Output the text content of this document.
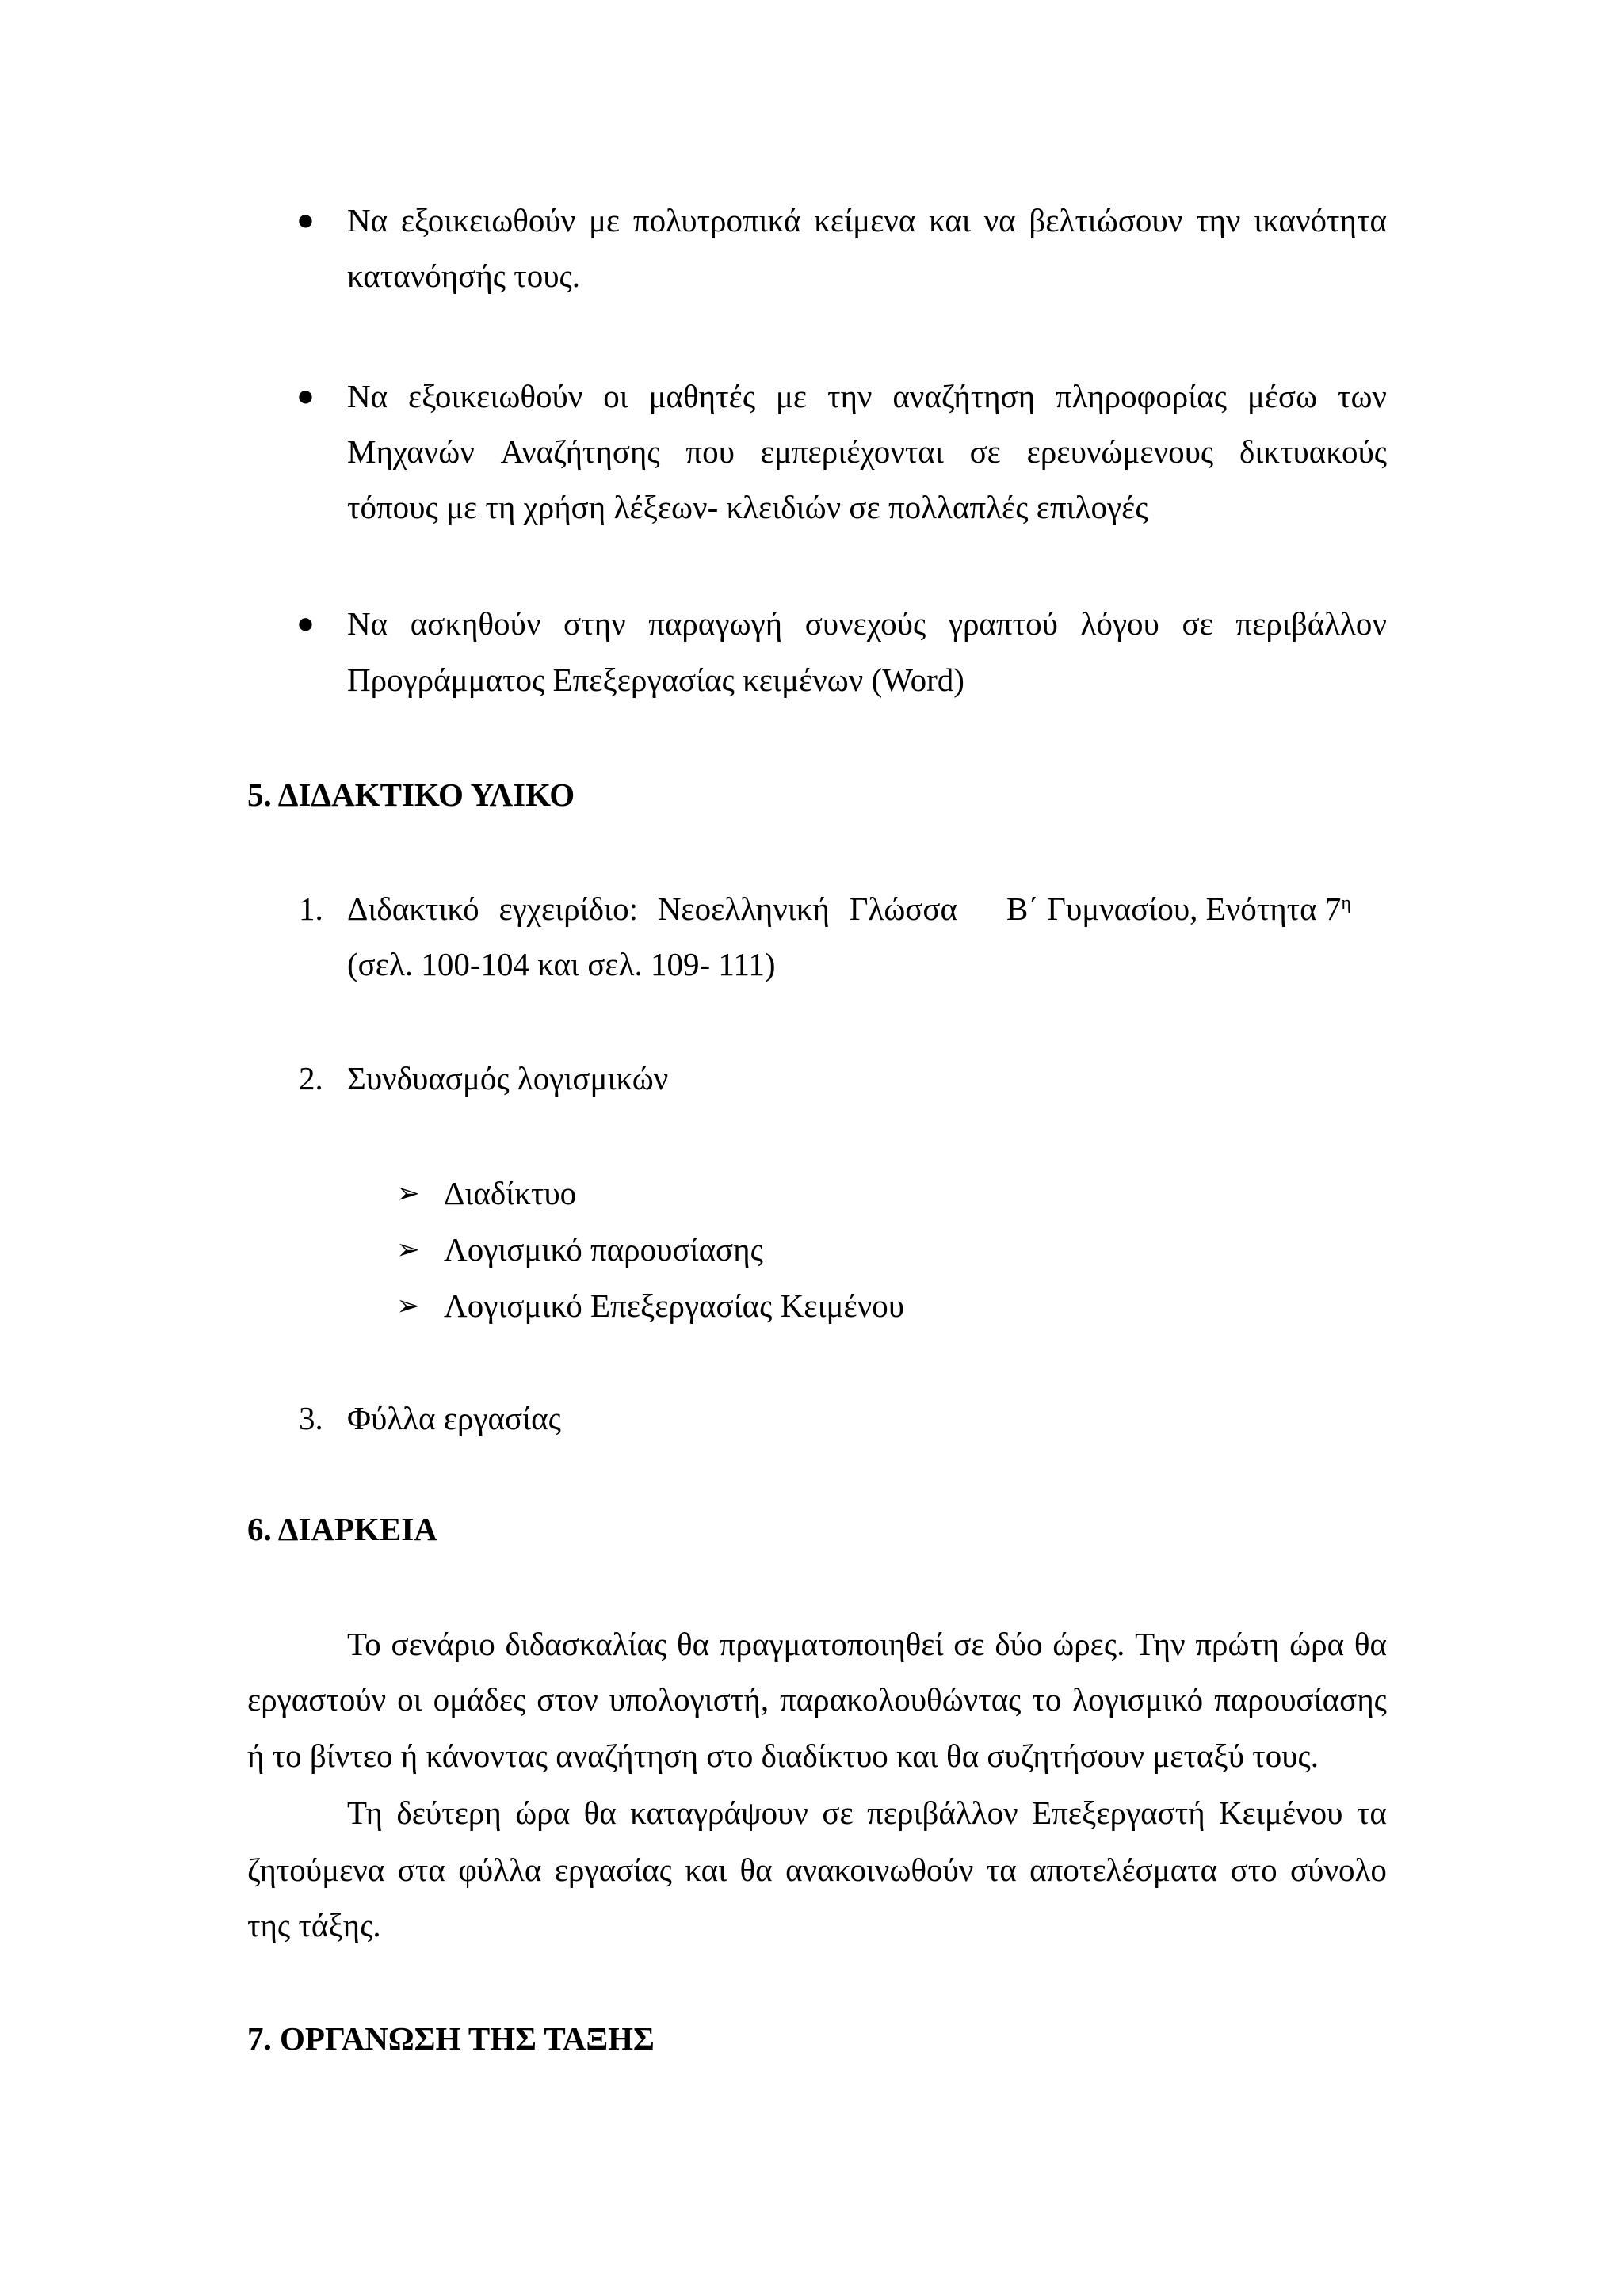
● Να εξοικειωθούν με πολυτροπικά κείμενα και να βελτιώσουν την ικανότητα
κατανόησής τους.
● Να εξοικειωθούν οι μαθητές με την αναζήτηση πληροφορίας μέσω των
Μηχανών Αναζήτησης που εμπεριέχονται σε ερευνώμενους δικτυακούς
τόπους με τη χρήση λέξεων- κλειδιών σε πολλαπλές επιλογές
● Να ασκηθούν στην παραγωγή συνεχούς γραπτού λόγου σε περιβάλλον
Προγράμματος Επεξεργασίας κειμένων (Word)
5. ΔΙΔΑΚΤΙΚΟ ΥΛΙΚΟ
1. Διδακτικό εγχειρίδιο: Νεοελληνική Γλώσσα Β΄ Γυμνασίου, Ενότητα $7^\eta$
(σελ. 100-104 και σελ. 109- 111)
2. Συνδυασμός λογισμικών
➢ Διαδίκτυο
➢ Λογισμικό παρουσίασης
➢ Λογισμικό Επεξεργασίας Κειμένου
3. Φύλλα εργασίας
6. ΔΙΑΡΚΕΙΑ
Το σενάριο διδασκαλίας θα πραγματοποιηθεί σε δύο ώρες. Την πρώτη ώρα θα
εργαστούν οι ομάδες στον υπολογιστή, παρακολουθώντας το λογισμικό παρουσίασης
ή το βίντεο ή κάνοντας αναζήτηση στο διαδίκτυο και θα συζητήσουν μεταξύ τους.
Τη δεύτερη ώρα θα καταγράψουν σε περιβάλλον Επεξεργαστή Κειμένου τα
ζητούμενα στα φύλλα εργασίας και θα ανακοινωθούν τα αποτελέσματα στο σύνολο
της τάξης.
7. ΟΡΓΑΝΩΣΗ ΤΗΣ ΤΑΞΗΣ
